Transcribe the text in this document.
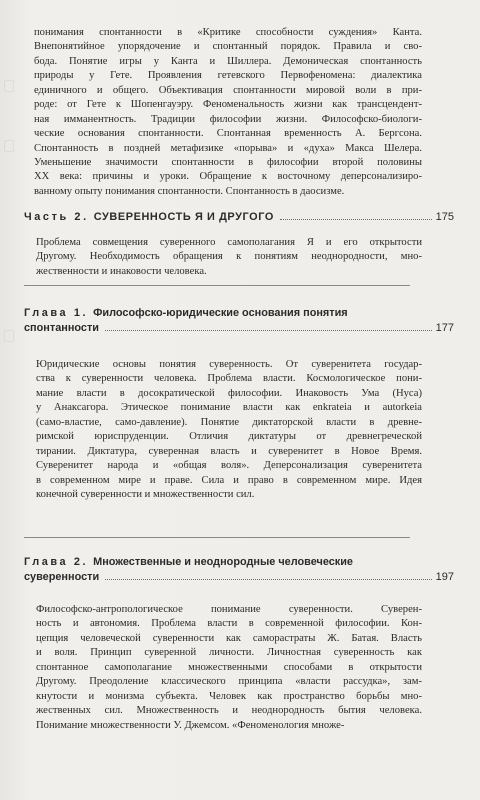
понимания спонтанности в «Критике способности суждения» Канта.
Внепонятийное упорядочение и спонтанный порядок. Правила и сво-
бода. Понятие игры у Канта и Шиллера. Демоническая спонтанность
природы у Гете. Проявления гетевского Первофеномена: диалектика
единичного и общего. Объективация спонтанности мировой воли в при-
роде: от Гете к Шопенгауэру. Феноменальность жизни как трансцендент-
ная имманентность. Традиции философии жизни. Философско-биологи-
ческие основания спонтанности. Спонтанная временность А. Бергсона.
Спонтанность в поздней метафизике «порыва» и «духа» Макса Шелера.
Уменьшение значимости спонтанности в философии второй половины
XX века: причины и уроки. Обращение к восточному деперсонализиро-
ванному опыту понимания спонтанности. Спонтанность в даосизме.
Часть 2. СУВЕРЕННОСТЬ Я И ДРУГОГО	175
Проблема совмещения суверенного самополагания Я и его открытости
Другому. Необходимость обращения к понятиям неоднородности, мно-
жественности и инаковости человека.
Глава 1. Философско-юридические основания понятия
спонтанности	177
Юридические основы понятия суверенность. От суверенитета государ-
ства к суверенности человека. Проблема власти. Космологическое пони-
мание власти в досократической философии. Инаковость Ума (Нуса)
у Анаксагора. Этическое понимание власти как enkrateia и autorkeia
(само-властие, само-давление). Понятие диктаторской власти в древне-
римской юриспруденции. Отличия диктатуры от древнегреческой
тирании. Диктатура, суверенная власть и суверенитет в Новое Время.
Суверенитет народа и «общая воля». Деперсонализация суверенитета
в современном мире и праве. Сила и право в современном мире. Идея
конечной суверенности и множественности сил.
Глава 2. Множественные и неоднородные человеческие
суверенности	197
Философско-антропологическое понимание суверенности. Суверен-
ность и автономия. Проблема власти в современной философии. Кон-
цепция человеческой суверенности как саморастраты Ж. Батая. Власть
и воля. Принцип суверенной личности. Личностная суверенность как
спонтанное самополагание множественными способами в открытости
Другому. Преодоление классического принципа «власти рассудка», зам-
кнутости и монизма субъекта. Человек как пространство борьбы мно-
жественных сил. Множественность и неоднородность бытия человека.
Понимание множественности У. Джемсом. «Феноменология множе-
